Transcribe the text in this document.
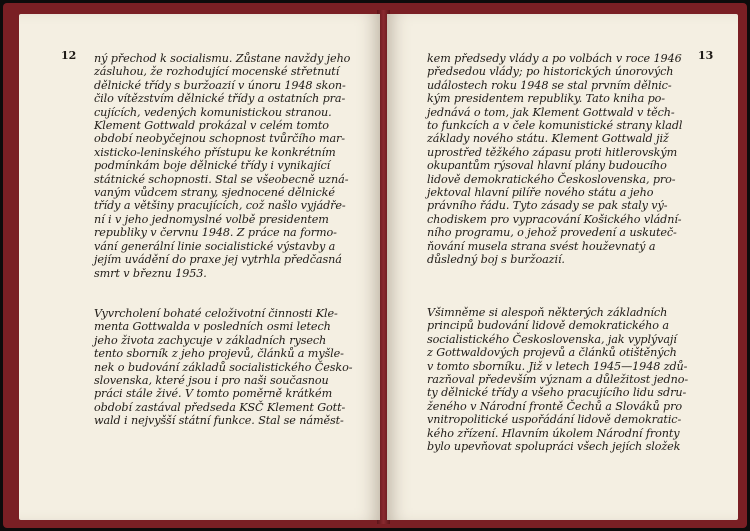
12 ný přechod k socialismu. Zůstane navždy jeho
zásluhou, že rozhodující mocenské střetnutí
dělnické třídy s buržoazií v únoru 1948 skon-
čilo vítězstvím dělnické třídy a ostatních pra-
cujících, vedených komunistickou stranou.
Klement Gottwald prokázal v celém tomto
období neobyčejnou schopnost tvůrčího mar-
xisticko-leninského přístupu ke konkrétním
podmínkám boje dělnické třídy i vynikající
státnické schopnosti. Stal se všeobecně uzná-
vaným vůdcem strany, sjednocené dělnické
třídy a většiny pracujících, což našlo vyjádře-
ní i v jeho jednomyslné volbě presidentem
republiky v červnu 1948. Z práce na formo-
vání generální linie socialistické výstavby a
jejím uvádění do praxe jej vytrhla předčasná
smrt v březnu 1953.
Vyvrcholení bohaté celoživotní činnosti Kle-
menta Gottwalda v posledních osmi letech
jeho života zachycuje v základních rysech
tento sborník z jeho projevů, článků a myšle-
nek o budování základů socialistického Česko-
slovenska, které jsou i pro naši současnou
práci stále živé. V tomto poměrně krátkém
období zastával předseda KSČ Klement Gott-
wald i nejvyšší státní funkce. Stal se náměst-
13
kem předsedy vlády a po volbách v roce 1946
předsedou vlády; po historických únorových
událostech roku 1948 se stal prvním dělnic-
kým presidentem republiky. Tato kniha po-
jednává o tom, jak Klement Gottwald v těch-
to funkcích a v čele komunistické strany kladl
základy nového státu. Klement Gottwald již
uprostřed těžkého zápasu proti hitlerovským
okupantům rýsoval hlavní plány budoucího
lidově demokratického Československa, pro-
jektoval hlavní pilíře nového státu a jeho
právního řádu. Tyto zásady se pak staly vý-
chodiskem pro vypracování Košického vládní-
ního programu, o jehož provedení a uskuteč-
ňování musela strana svést houževnatý a
důsledný boj s buržoazií.
Všimněme si alespoň některých základních
principů budování lidově demokratického a
socialistického Československa, jak vyplývají
z Gottwaldových projevů a článků otištěných
v tomto sborníku. Již v letech 1945—1948 zdů-
razňoval především význam a důležitost jedno-
ty dělnické třídy a všeho pracujícího lidu sdru-
ženého v Národní frontě Čechů a Slováků pro
vnitropolitické uspořádání lidově demokratic-
kého zřízení. Hlavním úkolem Národní fronty
bylo upevňovat spolupráci všech jejích složek
